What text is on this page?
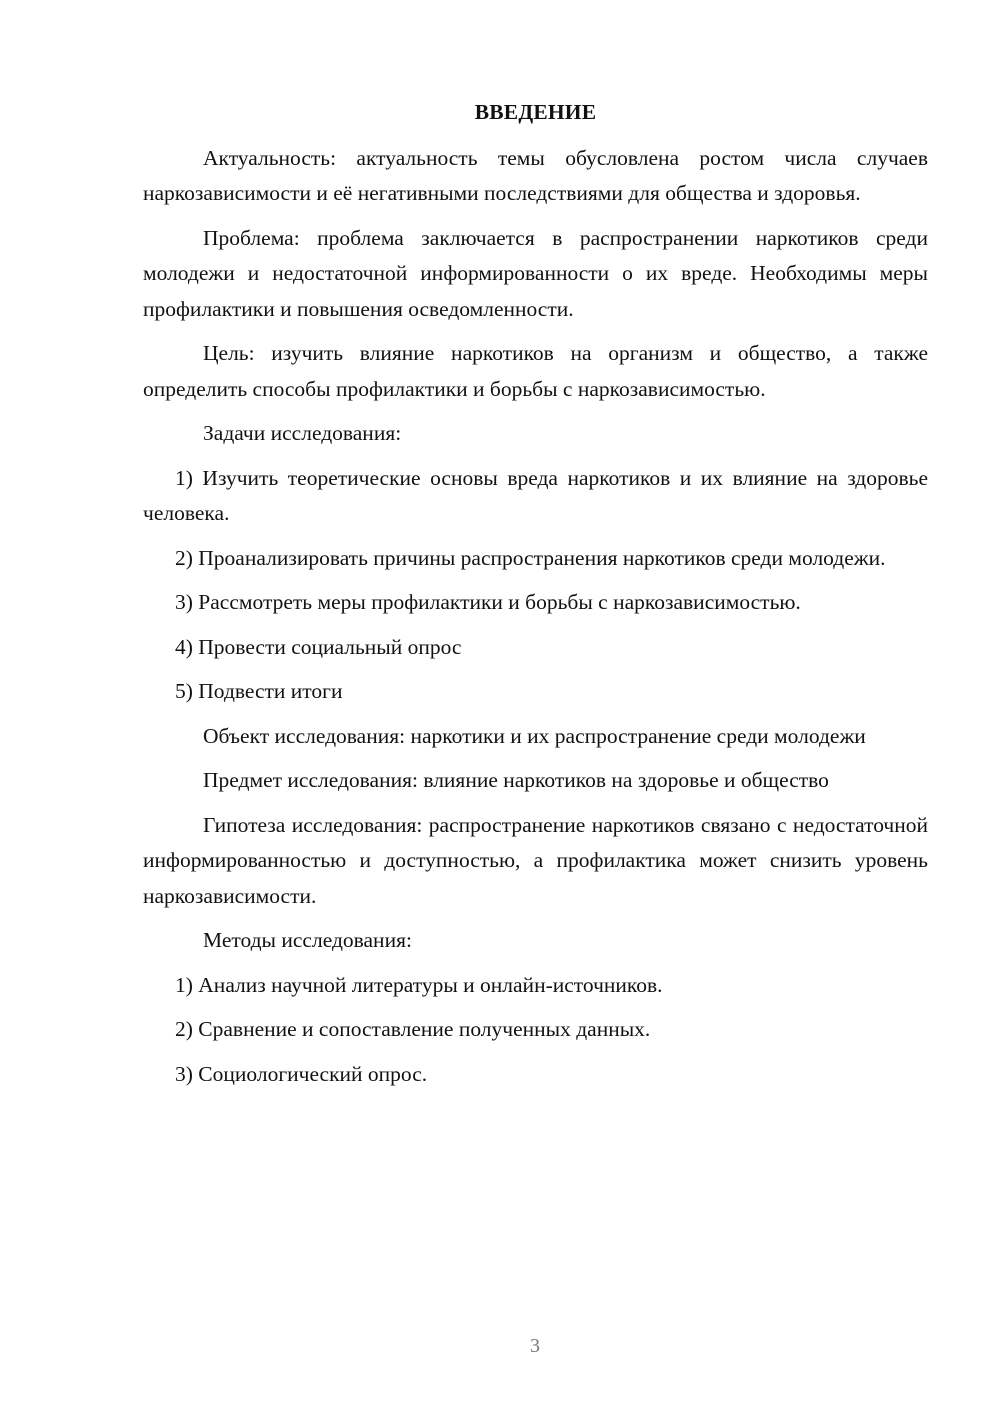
ВВЕДЕНИЕ

Актуальность: актуальность темы обусловлена ростом числа случаев наркозависимости и её негативными последствиями для общества и здоровья.

Проблема: проблема заключается в распространении наркотиков среди молодежи и недостаточной информированности о их вреде. Необходимы меры профилактики и повышения осведомленности.

Цель: изучить влияние наркотиков на организм и общество, а также определить способы профилактики и борьбы с наркозависимостью.

Задачи исследования:

1) Изучить теоретические основы вреда наркотиков и их влияние на здоровье человека.

2) Проанализировать причины распространения наркотиков среди молодежи.

3) Рассмотреть меры профилактики и борьбы с наркозависимостью.

4) Провести социальный опрос

5) Подвести итоги

Объект исследования: наркотики и их распространение среди молодежи

Предмет исследования: влияние наркотиков на здоровье и общество

Гипотеза исследования: распространение наркотиков связано с недостаточной информированностью и доступностью, а профилактика может снизить уровень наркозависимости.

Методы исследования:

1) Анализ научной литературы и онлайн-источников.

2) Сравнение и сопоставление полученных данных.

3) Социологический опрос.

3
